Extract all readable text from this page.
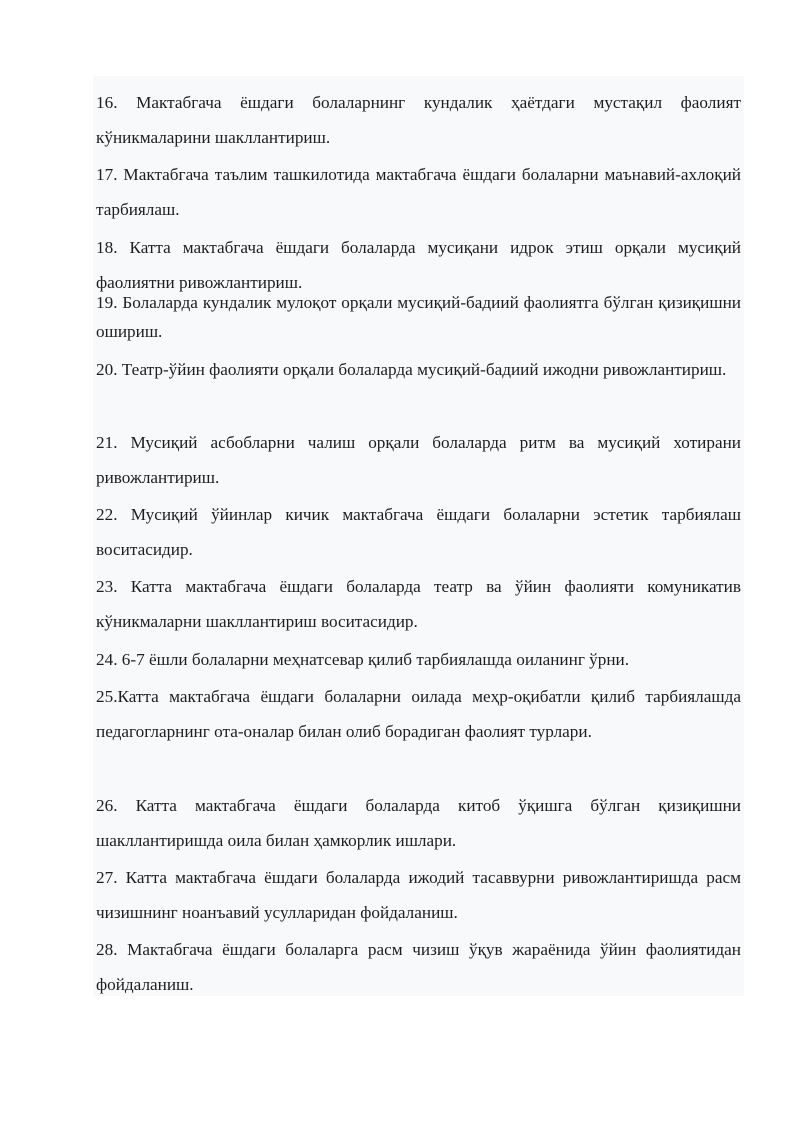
16. Мактабгача ёшдаги болаларнинг кундалик ҳаётдаги мустақил фаолият кўникмаларини шакллантириш.

17. Мактабгача таълим ташкилотида мактабгача ёшдаги болаларни маънавий-ахлоқий тарбиялаш.

18. Катта мактабгача ёшдаги болаларда мусиқани идрок этиш орқали мусиқий фаолиятни ривожлантириш.

19. Болаларда кундалик мулоқот орқали мусиқий-бадиий фаолиятга бўлган қизиқишни ошириш.

20. Театр-ўйин фаолияти орқали болаларда мусиқий-бадиий ижодни ривожлантириш.

21. Мусиқий асбобларни чалиш орқали болаларда ритм ва мусиқий хотирани ривожлантириш.

22. Мусиқий ўйинлар кичик мактабгача ёшдаги болаларни эстетик тарбиялаш воситасидир.

23. Катта мактабгача ёшдаги болаларда театр ва ўйин фаолияти комуникатив кўникмаларни шакллантириш воситасидир.

24. 6-7 ёшли болаларни меҳнатсевар қилиб тарбиялашда оиланинг ўрни.

25.Катта мактабгача ёшдаги болаларни оилада меҳр-оқибатли қилиб тарбиялашда педагогларнинг ота-оналар билан олиб борадиган фаолият турлари.

26. Катта мактабгача ёшдаги болаларда китоб ўқишга бўлган қизиқишни шакллантиришда оила билан ҳамкорлик ишлари.

27. Катта мактабгача ёшдаги болаларда ижодий тасаввурни ривожлантиришда расм чизишнинг ноанъавий усулларидан фойдаланиш.

28. Мактабгача ёшдаги болаларга расм чизиш ўқув жараёнида ўйин фаолиятидан фойдаланиш.
